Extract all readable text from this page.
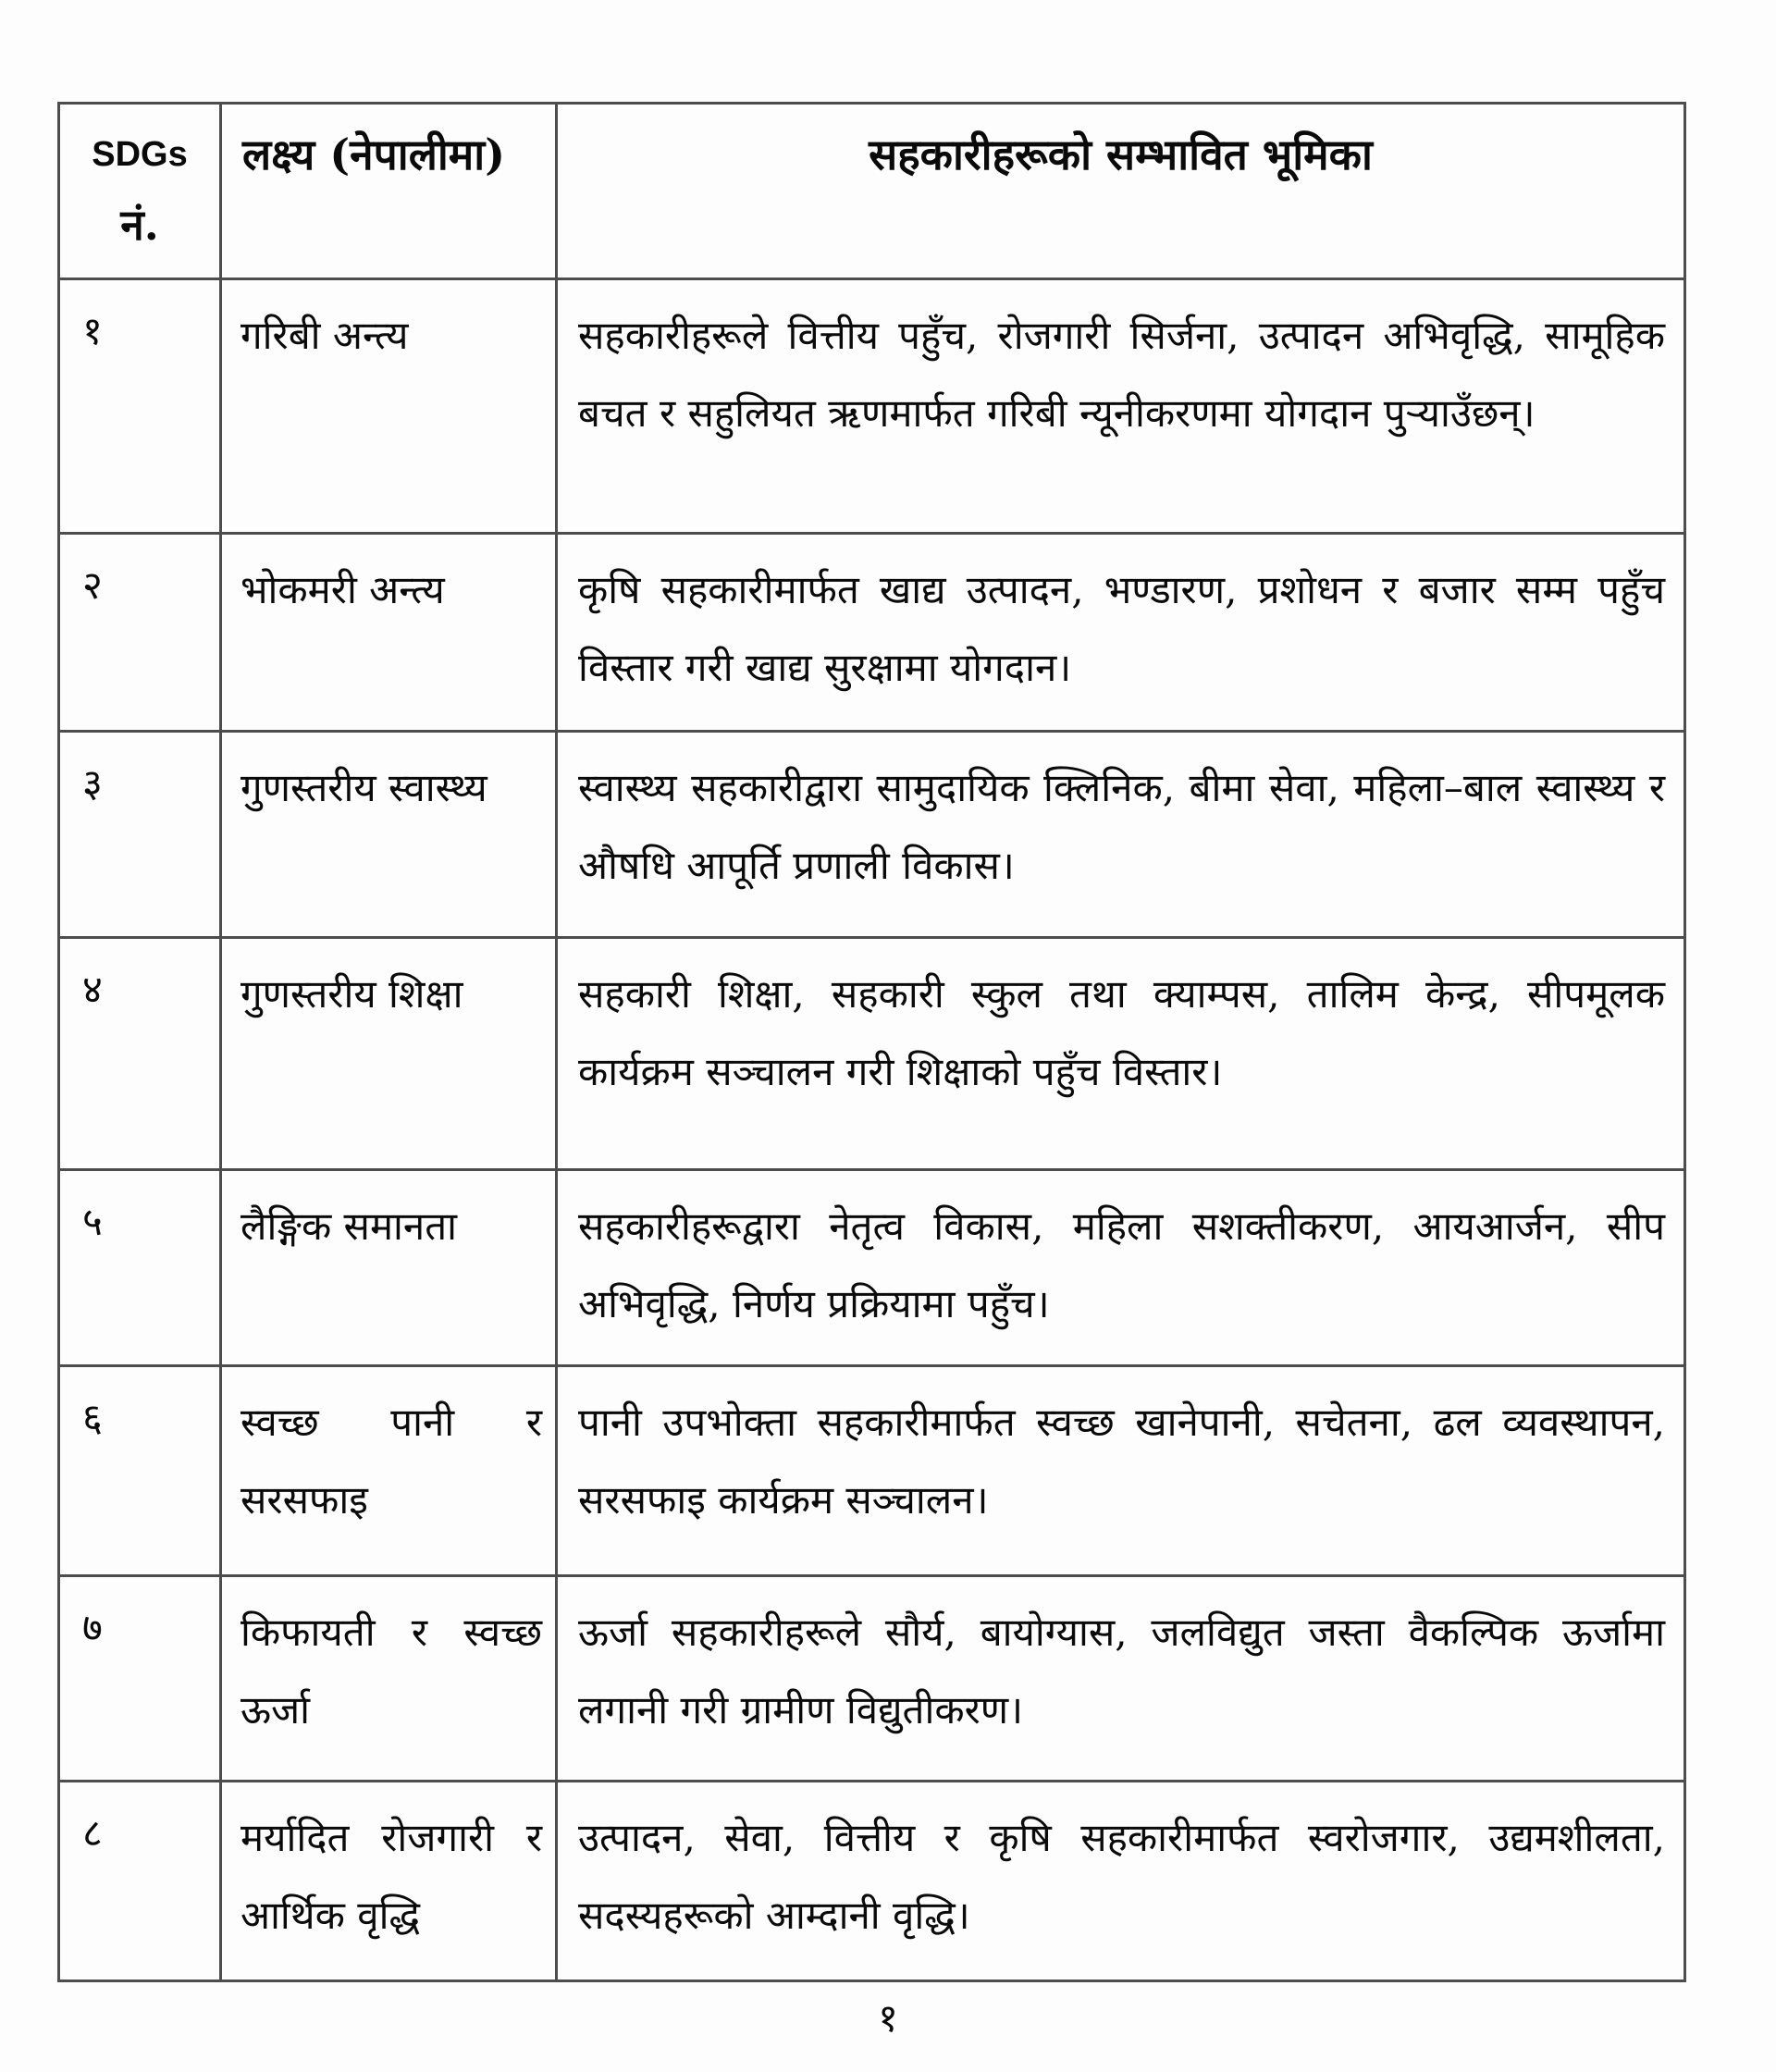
SDGs
नं.	लक्ष्य (नेपालीमा)	सहकारीहरूको सम्भावित भूमिका
१	गरिबी अन्त्य	सहकारीहरूले वित्तीय पहुँच, रोजगारी सिर्जना, उत्पादन अभिवृद्धि, सामूहिक बचत र सहुलियत ऋणमार्फत गरिबी न्यूनीकरणमा योगदान पुऱ्याउँछन्।
२	भोकमरी अन्त्य	कृषि सहकारीमार्फत खाद्य उत्पादन, भण्डारण, प्रशोधन र बजार सम्म पहुँच विस्तार गरी खाद्य सुरक्षामा योगदान।
३	गुणस्तरीय स्वास्थ्य	स्वास्थ्य सहकारीद्वारा सामुदायिक क्लिनिक, बीमा सेवा, महिला–बाल स्वास्थ्य र औषधि आपूर्ति प्रणाली विकास।
४	गुणस्तरीय शिक्षा	सहकारी शिक्षा, सहकारी स्कुल तथा क्याम्पस, तालिम केन्द्र, सीपमूलक कार्यक्रम सञ्चालन गरी शिक्षाको पहुँच विस्तार।
५	लैङ्गिक समानता	सहकारीहरूद्वारा नेतृत्व विकास, महिला सशक्तीकरण, आयआर्जन, सीप अभिवृद्धि, निर्णय प्रक्रियामा पहुँच।
६	स्वच्छ पानी र सरसफाइ	पानी उपभोक्ता सहकारीमार्फत स्वच्छ खानेपानी, सचेतना, ढल व्यवस्थापन, सरसफाइ कार्यक्रम सञ्चालन।
७	किफायती र स्वच्छ ऊर्जा	ऊर्जा सहकारीहरूले सौर्य, बायोग्यास, जलविद्युत जस्ता वैकल्पिक ऊर्जामा लगानी गरी ग्रामीण विद्युतीकरण।
८	मर्यादित रोजगारी र आर्थिक वृद्धि	उत्पादन, सेवा, वित्तीय र कृषि सहकारीमार्फत स्वरोजगार, उद्यमशीलता, सदस्यहरूको आम्दानी वृद्धि।
१
